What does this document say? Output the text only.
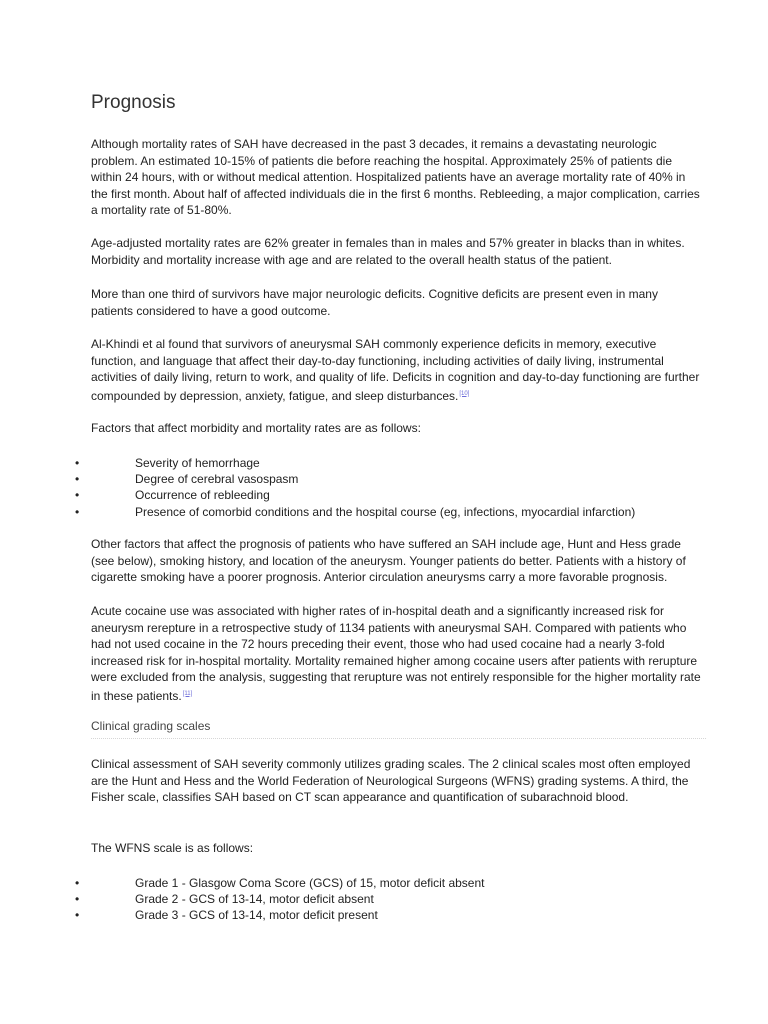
Prognosis

Although mortality rates of SAH have decreased in the past 3 decades, it remains a devastating neurologic problem. An estimated 10-15% of patients die before reaching the hospital. Approximately 25% of patients die within 24 hours, with or without medical attention. Hospitalized patients have an average mortality rate of 40% in the first month. About half of affected individuals die in the first 6 months. Rebleeding, a major complication, carries a mortality rate of 51-80%.

Age-adjusted mortality rates are 62% greater in females than in males and 57% greater in blacks than in whites. Morbidity and mortality increase with age and are related to the overall health status of the patient.

More than one third of survivors have major neurologic deficits. Cognitive deficits are present even in many patients considered to have a good outcome.

Al-Khindi et al found that survivors of aneurysmal SAH commonly experience deficits in memory, executive function, and language that affect their day-to-day functioning, including activities of daily living, instrumental activities of daily living, return to work, and quality of life. Deficits in cognition and day-to-day functioning are further compounded by depression, anxiety, fatigue, and sleep disturbances.[10]

Factors that affect morbidity and mortality rates are as follows:

•	Severity of hemorrhage
•	Degree of cerebral vasospasm
•	Occurrence of rebleeding
•	Presence of comorbid conditions and the hospital course (eg, infections, myocardial infarction)

Other factors that affect the prognosis of patients who have suffered an SAH include age, Hunt and Hess grade (see below), smoking history, and location of the aneurysm. Younger patients do better. Patients with a history of cigarette smoking have a poorer prognosis. Anterior circulation aneurysms carry a more favorable prognosis.

Acute cocaine use was associated with higher rates of in-hospital death and a significantly increased risk for aneurysm rerepture in a retrospective study of 1134 patients with aneurysmal SAH. Compared with patients who had not used cocaine in the 72 hours preceding their event, those who had used cocaine had a nearly 3-fold increased risk for in-hospital mortality. Mortality remained higher among cocaine users after patients with rerupture were excluded from the analysis, suggesting that rerupture was not entirely responsible for the higher mortality rate in these patients.[11]

Clinical grading scales

Clinical assessment of SAH severity commonly utilizes grading scales. The 2 clinical scales most often employed are the Hunt and Hess and the World Federation of Neurological Surgeons (WFNS) grading systems. A third, the Fisher scale, classifies SAH based on CT scan appearance and quantification of subarachnoid blood.

The WFNS scale is as follows:

•	Grade 1 - Glasgow Coma Score (GCS) of 15, motor deficit absent
•	Grade 2 - GCS of 13-14, motor deficit absent
•	Grade 3 - GCS of 13-14, motor deficit present
